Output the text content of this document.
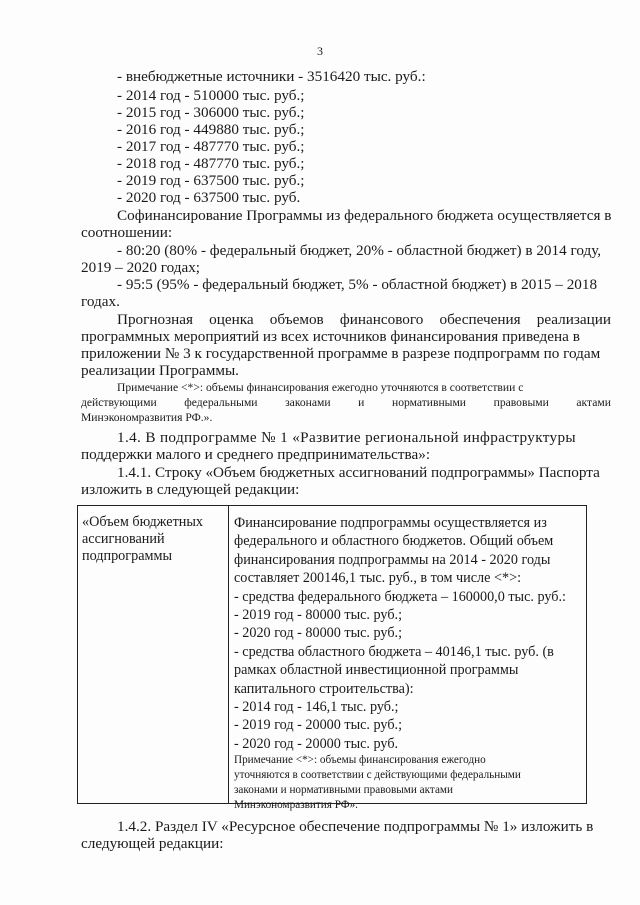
3
- внебюджетные источники - 3516420 тыс. руб.:
- 2014 год - 510000 тыс. руб.;
- 2015 год - 306000 тыс. руб.;
- 2016 год - 449880 тыс. руб.;
- 2017 год - 487770 тыс. руб.;
- 2018 год - 487770 тыс. руб.;
- 2019 год - 637500 тыс. руб.;
- 2020 год - 637500 тыс. руб.
Софинансирование Программы из федерального бюджета осуществляется в
соотношении:
- 80:20 (80% - федеральный бюджет, 20% - областной бюджет) в 2014 году,
2019 – 2020 годах;
- 95:5 (95% - федеральный бюджет, 5% - областной бюджет) в 2015 – 2018
годах.
Прогнозная оценка объемов финансового обеспечения реализации
программных мероприятий из всех источников финансирования приведена в
приложении № 3 к государственной программе в разрезе подпрограмм по годам
реализации Программы.
Примечание <*>: объемы финансирования ежегодно уточняются в соответствии с
действующими федеральными законами и нормативными правовыми актами
Минэкономразвития РФ.».
1.4. В подпрограмме № 1 «Развитие региональной инфраструктуры
поддержки малого и среднего предпринимательства»:
1.4.1. Строку «Объем бюджетных ассигнований подпрограммы» Паспорта
изложить в следующей редакции:
«Объем бюджетных
ассигнований
подпрограммы
Финансирование подпрограммы осуществляется из
федерального и областного бюджетов. Общий объем
финансирования подпрограммы на 2014 - 2020 годы
составляет 200146,1 тыс. руб., в том числе <*>:
- средства федерального бюджета – 160000,0 тыс. руб.:
- 2019 год - 80000 тыс. руб.;
- 2020 год - 80000 тыс. руб.;
- средства областного бюджета – 40146,1 тыс. руб. (в
рамках областной инвестиционной программы
капитального строительства):
- 2014 год - 146,1 тыс. руб.;
- 2019 год - 20000 тыс. руб.;
- 2020 год - 20000 тыс. руб.
Примечание <*>: объемы финансирования ежегодно
уточняются в соответствии с действующими федеральными
законами и нормативными правовыми актами
Минэкономразвития РФ».
1.4.2. Раздел IV «Ресурсное обеспечение подпрограммы № 1» изложить в
следующей редакции:
